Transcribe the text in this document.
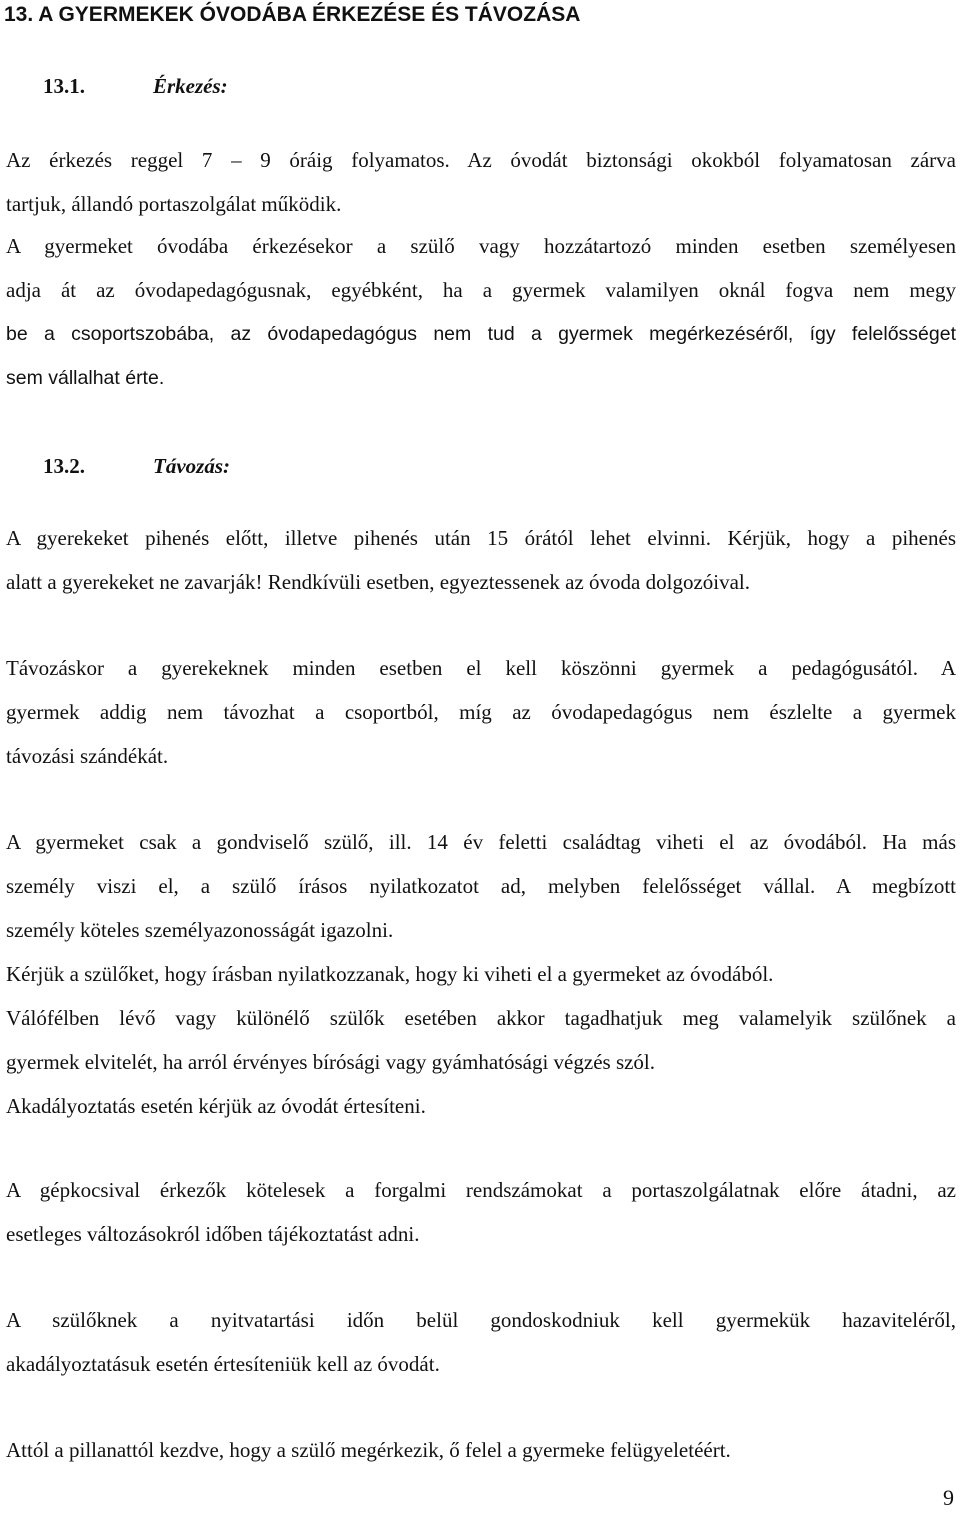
13. A GYERMEKEK ÓVODÁBA ÉRKEZÉSE ÉS TÁVOZÁSA
13.1.	Érkezés:
Az érkezés reggel 7 – 9 óráig folyamatos. Az óvodát biztonsági okokból folyamatosan zárva
tartjuk, állandó portaszolgálat működik.
A gyermeket óvodába érkezésekor a szülő vagy hozzátartozó minden esetben személyesen
adja át az óvodapedagógusnak, egyébként, ha a gyermek valamilyen oknál fogva nem megy
be a csoportszobába, az óvodapedagógus nem tud a gyermek megérkezéséről, így felelősséget
sem vállalhat érte.
13.2.	Távozás:
A gyerekeket pihenés előtt, illetve pihenés után 15 órától lehet elvinni. Kérjük, hogy a pihenés
alatt a gyerekeket ne zavarják! Rendkívüli esetben, egyeztessenek az óvoda dolgozóival.
Távozáskor a gyerekeknek minden esetben el kell köszönni gyermek a pedagógusától. A
gyermek addig nem távozhat a csoportból, míg az óvodapedagógus nem észlelte a gyermek
távozási szándékát.
A gyermeket csak a gondviselő szülő, ill. 14 év feletti családtag viheti el az óvodából. Ha más
személy viszi el, a szülő írásos nyilatkozatot ad, melyben felelősséget vállal. A megbízott
személy köteles személyazonosságát igazolni.
Kérjük a szülőket, hogy írásban nyilatkozzanak, hogy ki viheti el a gyermeket az óvodából.
Válófélben lévő vagy különélő szülők esetében akkor tagadhatjuk meg valamelyik szülőnek a
gyermek elvitelét, ha arról érvényes bírósági vagy gyámhatósági végzés szól.
Akadályoztatás esetén kérjük az óvodát értesíteni.
A gépkocsival érkezők kötelesek a forgalmi rendszámokat a portaszolgálatnak előre átadni, az
esetleges változásokról időben tájékoztatást adni.
A szülőknek a nyitvatartási időn belül gondoskodniuk kell gyermekük hazaviteléről,
akadályoztatásuk esetén értesíteniük kell az óvodát.
Attól a pillanattól kezdve, hogy a szülő megérkezik, ő felel a gyermeke felügyeletéért.
9
